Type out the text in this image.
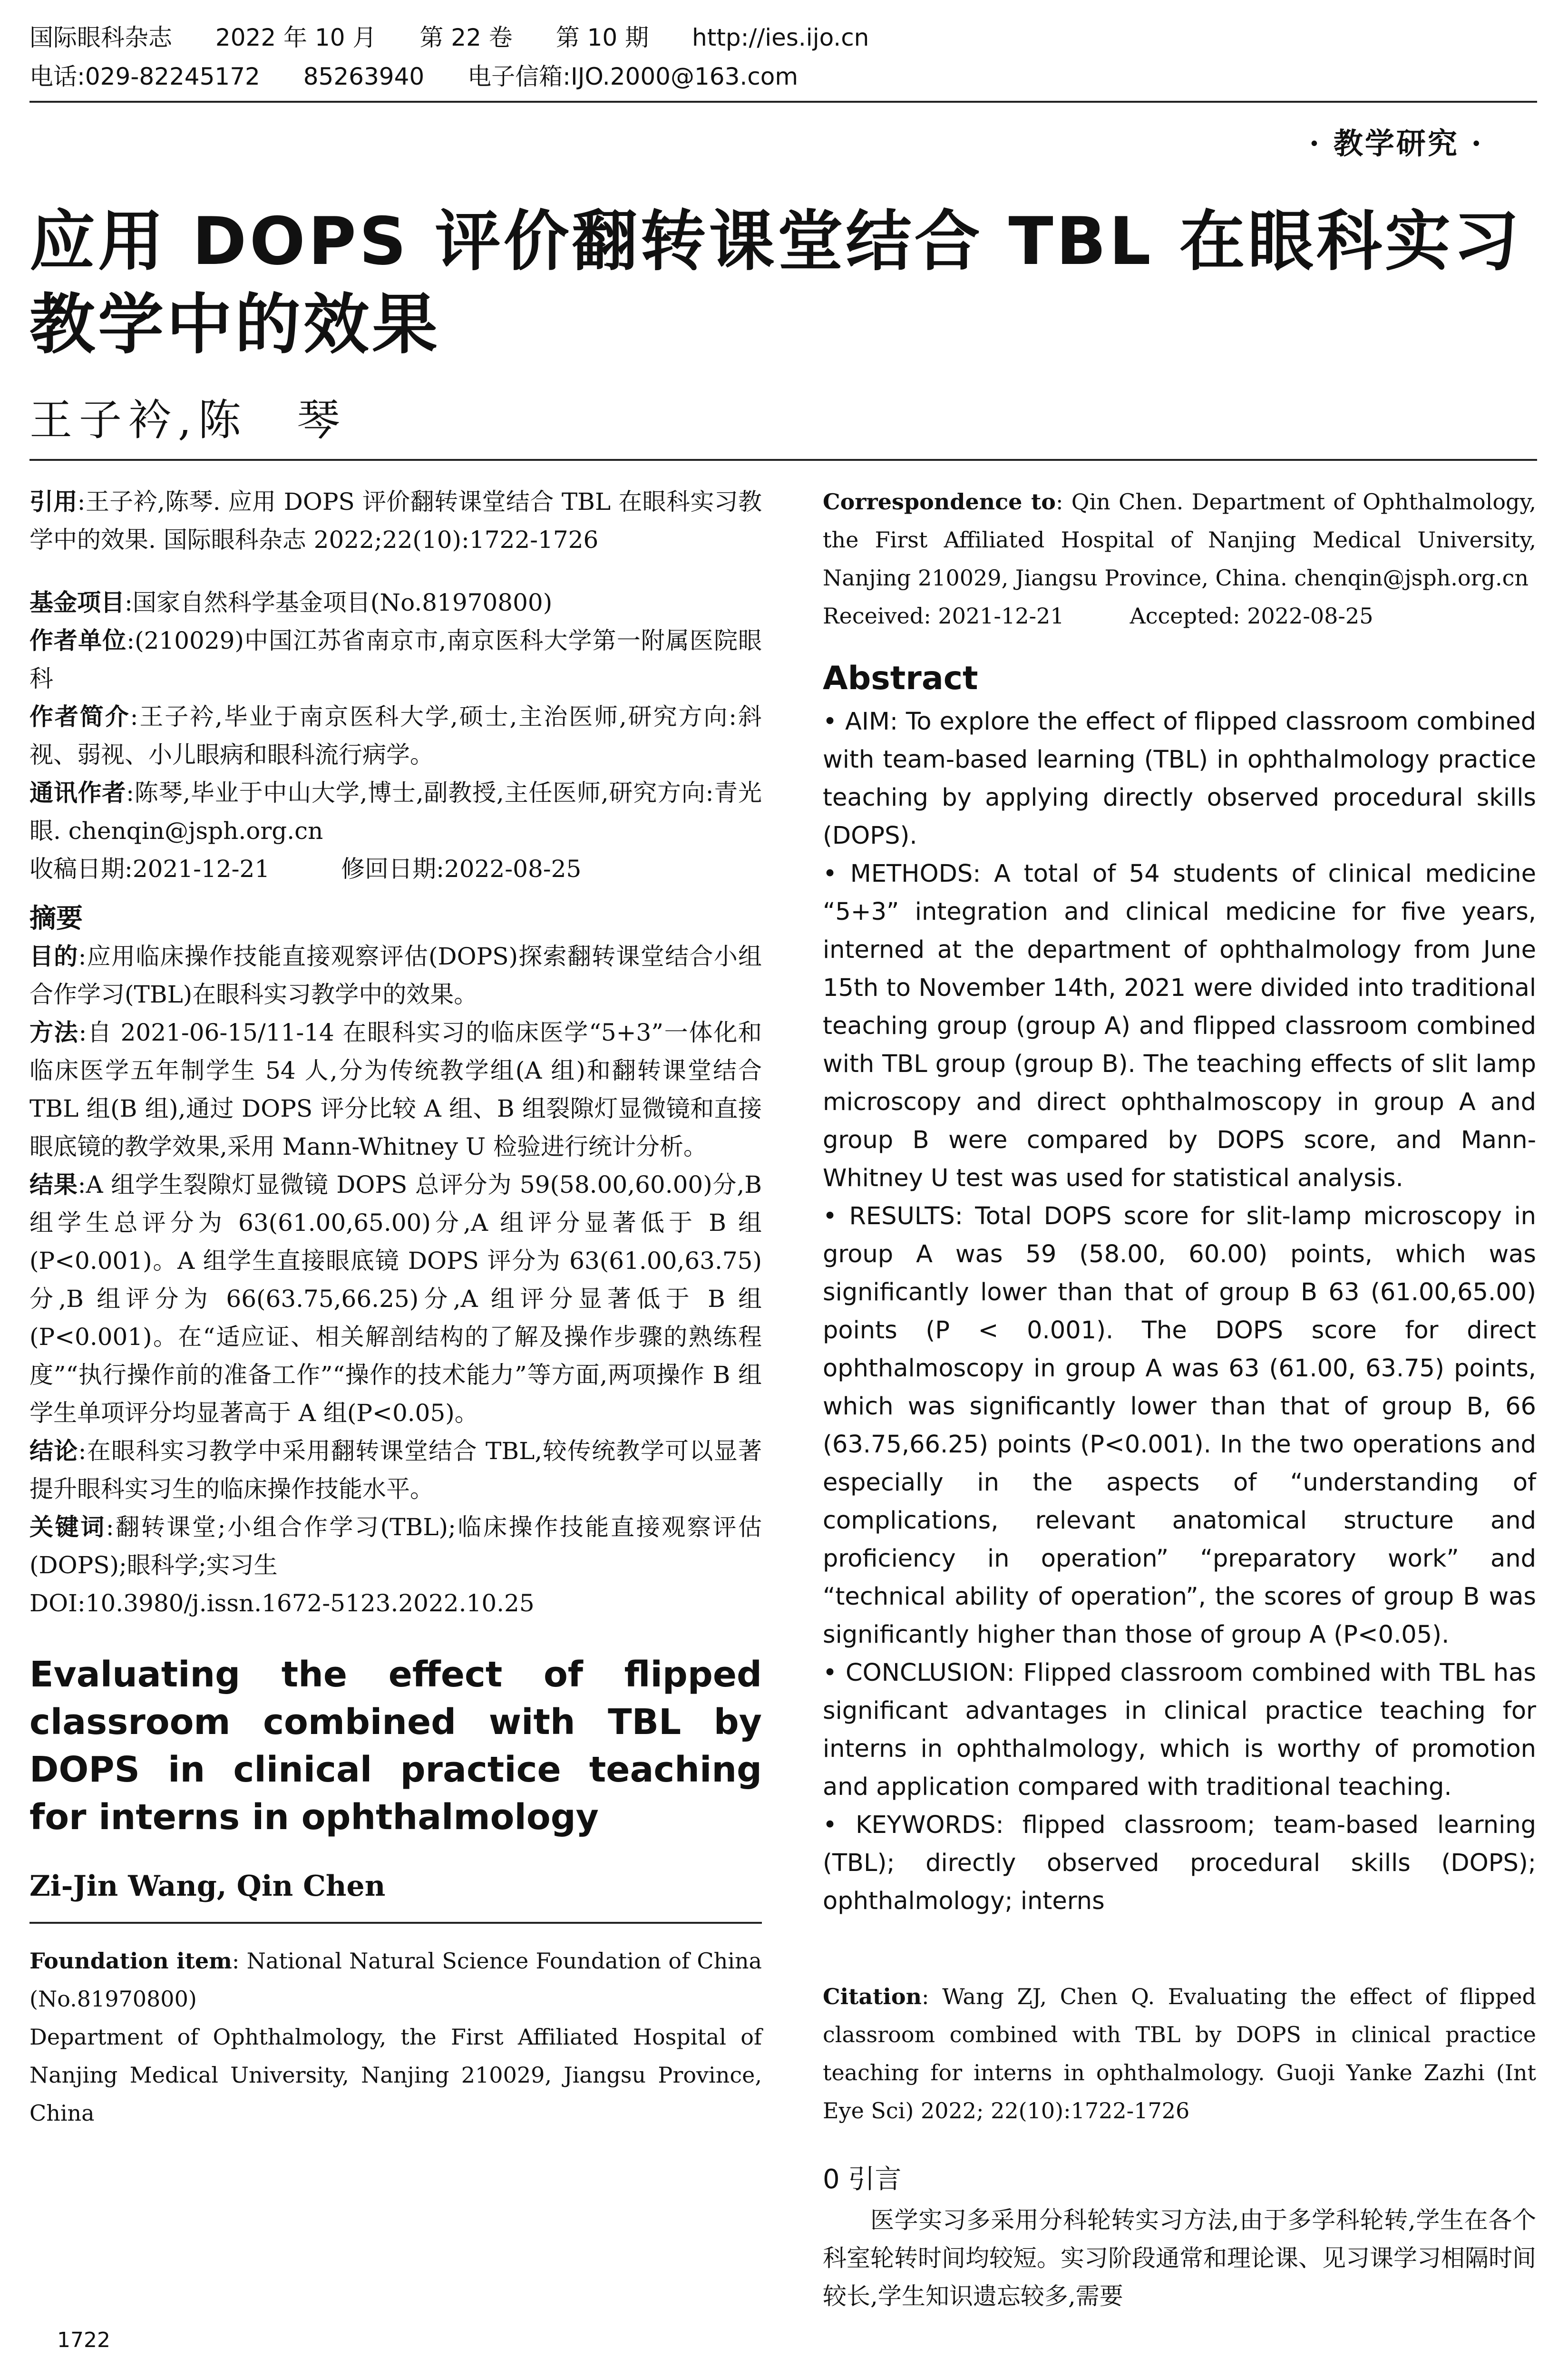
国际眼科杂志 2022 年 10 月 第 22 卷 第 10 期 http://ies.ijo.cn
电话:029-82245172 85263940 电子信箱:IJO.2000@163.com
· 教学研究 ·
应用 DOPS 评价翻转课堂结合 TBL 在眼科实习教学中的效果
王子衿,陈　琴
引用:王子衿,陈琴. 应用 DOPS 评价翻转课堂结合 TBL 在眼科实习教学中的效果. 国际眼科杂志 2022;22(10):1722-1726
基金项目:国家自然科学基金项目(No.81970800)
作者单位:(210029)中国江苏省南京市,南京医科大学第一附属医院眼科
作者简介:王子衿,毕业于南京医科大学,硕士,主治医师,研究方向:斜视、弱视、小儿眼病和眼科流行病学。
通讯作者:陈琴,毕业于中山大学,博士,副教授,主任医师,研究方向:青光眼. chenqin@jsph.org.cn
收稿日期:2021-12-21　　　	修回日期:2022-08-25
摘要
目的:应用临床操作技能直接观察评估(DOPS)探索翻转课堂结合小组合作学习(TBL)在眼科实习教学中的效果。
方法:自 2021-06-15/11-14 在眼科实习的临床医学“5+3”一体化和临床医学五年制学生 54 人,分为传统教学组(A 组)和翻转课堂结合 TBL 组(B 组),通过 DOPS 评分比较 A 组、B 组裂隙灯显微镜和直接眼底镜的教学效果,采用 Mann-Whitney U 检验进行统计分析。
结果:A 组学生裂隙灯显微镜 DOPS 总评分为 59(58.00,60.00)分,B 组学生总评分为 63(61.00,65.00)分,A 组评分显著低于 B 组(P<0.001)。A 组学生直接眼底镜 DOPS 评分为 63(61.00,63.75)分,B 组评分为 66(63.75,66.25)分,A 组评分显著低于 B 组(P<0.001)。在“适应证、相关解剖结构的了解及操作步骤的熟练程度”“执行操作前的准备工作”“操作的技术能力”等方面,两项操作 B 组学生单项评分均显著高于 A 组(P<0.05)。
结论:在眼科实习教学中采用翻转课堂结合 TBL,较传统教学可以显著提升眼科实习生的临床操作技能水平。
关键词:翻转课堂;小组合作学习(TBL);临床操作技能直接观察评估(DOPS);眼科学;实习生
DOI:10.3980/j.issn.1672-5123.2022.10.25
Evaluating the effect of flipped classroom combined with TBL by DOPS in clinical practice teaching for interns in ophthalmology
Zi-Jin Wang, Qin Chen
Foundation item: National Natural Science Foundation of China (No.81970800)
Department of Ophthalmology, the First Affiliated Hospital of Nanjing Medical University, Nanjing 210029, Jiangsu Province, China
Correspondence to: Qin Chen. Department of Ophthalmology, the First Affiliated Hospital of Nanjing Medical University, Nanjing 210029, Jiangsu Province, China. chenqin@jsph.org.cn
Received: 2021-12-21　　　	Accepted: 2022-08-25
Abstract
• AIM: To explore the effect of flipped classroom combined with team-based learning (TBL) in ophthalmology practice teaching by applying directly observed procedural skills (DOPS).
• METHODS: A total of 54 students of clinical medicine “5+3” integration and clinical medicine for five years, interned at the department of ophthalmology from June 15th to November 14th, 2021 were divided into traditional teaching group (group A) and flipped classroom combined with TBL group (group B). The teaching effects of slit lamp microscopy and direct ophthalmoscopy in group A and group B were compared by DOPS score, and Mann-Whitney U test was used for statistical analysis.
• RESULTS: Total DOPS score for slit-lamp microscopy in group A was 59 (58.00, 60.00) points, which was significantly lower than that of group B 63 (61.00,65.00) points (P < 0.001). The DOPS score for direct ophthalmoscopy in group A was 63 (61.00, 63.75) points, which was significantly lower than that of group B, 66 (63.75,66.25) points (P<0.001). In the two operations and especially in the aspects of “understanding of complications, relevant anatomical structure and proficiency in operation” “preparatory work” and “technical ability of operation”, the scores of group B was significantly higher than those of group A (P<0.05).
• CONCLUSION: Flipped classroom combined with TBL has significant advantages in clinical practice teaching for interns in ophthalmology, which is worthy of promotion and application compared with traditional teaching.
• KEYWORDS: flipped classroom; team-based learning (TBL); directly observed procedural skills (DOPS); ophthalmology; interns
Citation: Wang ZJ, Chen Q. Evaluating the effect of flipped classroom combined with TBL by DOPS in clinical practice teaching for interns in ophthalmology. Guoji Yanke Zazhi (Int Eye Sci) 2022; 22(10):1722-1726
0 引言
医学实习多采用分科轮转实习方法,由于多学科轮转,学生在各个科室轮转时间均较短。实习阶段通常和理论课、见习课学习相隔时间较长,学生知识遗忘较多,需要
1722
